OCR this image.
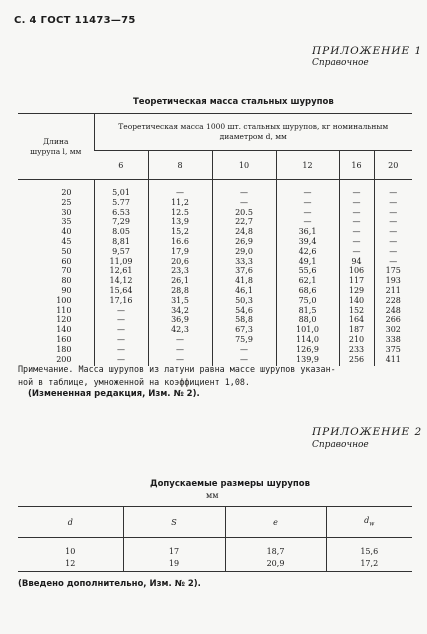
С. 4 ГОСТ 11473—75
ПРИЛОЖЕНИЕ 1
Справочное
Теоретическая масса стальных шурупов
Длина шурупа l, мм	Теоретическая масса 1000 шт. стальных шурупов, кг номинальным диаметром d, мм					

	6	8	10	12	16	20
20	5,01	—	—	—	—	—
25	5.77	11,2	—	—	—	—
30	6.53	12.5	20.5	—	—	—
35	7,29	13,9	22,7	—	—	—
40	8.05	15,2	24,8	36,1	—	—
45	8,81	16.6	26,9	39,4	—	—
50	9,57	17,9	29,0	42,6	—	—
60	11,09	20,6	33,3	49,1	94	—
70	12,61	23,3	37,6	55,6	106	175
80	14,12	26,1	41,8	62,1	117	193
90	15,64	28,8	46,1	68,6	129	211
100	17,16	31,5	50,3	75,0	140	228
110	—	34,2	54,6	81,5	152	248
120	—	36,9	58,8	88,0	164	266
140	—	42,3	67,3	101,0	187	302
160	—	—	75,9	114,0	210	338
180	—	—	—	126,9	233	375
200	—	—	—	139,9	256	411
Примечание. Масса шурупов из латуни равна массе шурупов указан-
ной в таблице, умноженной на коэффициент 1,08.
(Измененная редакция, Изм. № 2).
ПРИЛОЖЕНИЕ 2
Справочное
Допускаемые размеры шурупов
мм
d	S	e	$d_w$
10	17	18,7	15,6
12	19	20,9	17,2
(Введено дополнительно, Изм. № 2).
